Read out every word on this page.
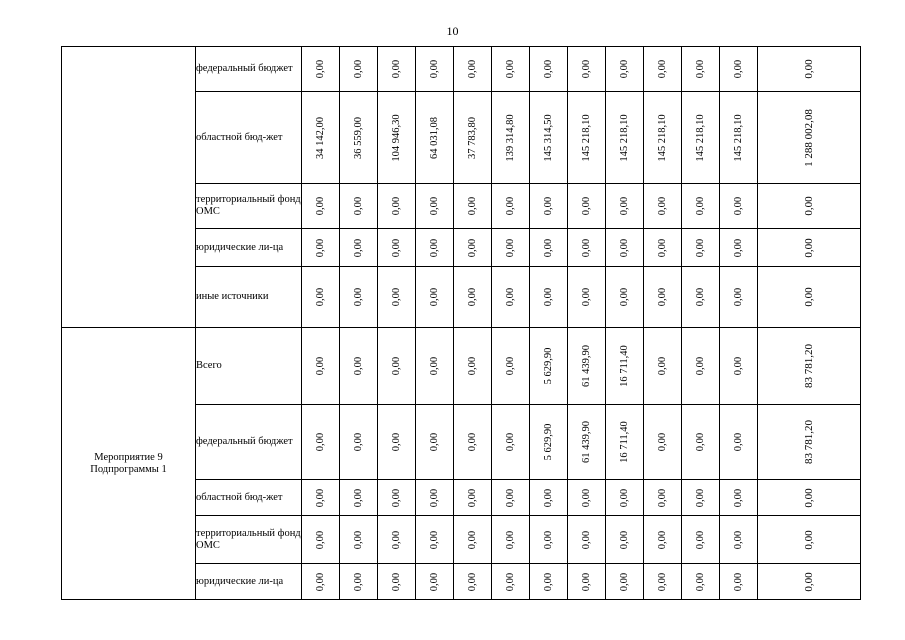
10
	федеральный бюджет	0,00	0,00	0,00	0,00	0,00	0,00	0,00	0,00	0,00	0,00	0,00	0,00	0,00

	областной бюд-жет	34 142,00	36 559,00	104 946,30	64 031,08	37 783,80	139 314,80	145 314,50	145 218,10	145 218,10	145 218,10	145 218,10	145 218,10	1 288 002,08

	территориальный фонд ОМС	0,00	0,00	0,00	0,00	0,00	0,00	0,00	0,00	0,00	0,00	0,00	0,00	0,00

	юридические ли-ца	0,00	0,00	0,00	0,00	0,00	0,00	0,00	0,00	0,00	0,00	0,00	0,00	0,00

	иные источники	0,00	0,00	0,00	0,00	0,00	0,00	0,00	0,00	0,00	0,00	0,00	0,00	0,00

Мероприятие 9 Подпрограммы 1	Всего	0,00	0,00	0,00	0,00	0,00	0,00	5 629,90	61 439,90	16 711,40	0,00	0,00	0,00	83 781,20

	федеральный бюджет	0,00	0,00	0,00	0,00	0,00	0,00	5 629,90	61 439,90	16 711,40	0,00	0,00	0,00	83 781,20

	областной бюд-жет	0,00	0,00	0,00	0,00	0,00	0,00	0,00	0,00	0,00	0,00	0,00	0,00	0,00

	территориальный фонд ОМС	0,00	0,00	0,00	0,00	0,00	0,00	0,00	0,00	0,00	0,00	0,00	0,00	0,00

	юридические ли-ца	0,00	0,00	0,00	0,00	0,00	0,00	0,00	0,00	0,00	0,00	0,00	0,00	0,00
